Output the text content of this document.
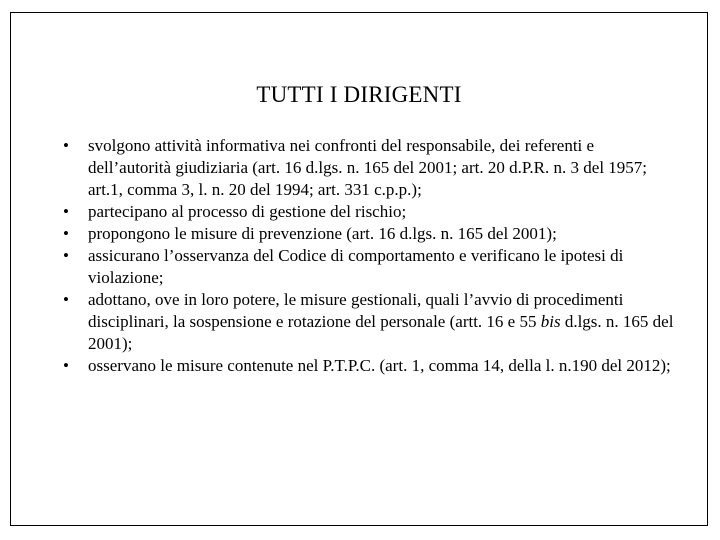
TUTTI I DIRIGENTI
• svolgono attività informativa nei confronti del responsabile, dei referenti e dell’autorità giudiziaria (art. 16 d.lgs. n. 165 del 2001; art. 20 d.P.R. n. 3 del 1957; art.1, comma 3, l. n. 20 del 1994; art. 331 c.p.p.);
• partecipano al processo di gestione del rischio;
• propongono le misure di prevenzione (art. 16 d.lgs. n. 165 del 2001);
• assicurano l’osservanza del Codice di comportamento e verificano le ipotesi di violazione;
• adottano, ove in loro potere, le misure gestionali, quali l’avvio di procedimenti disciplinari, la sospensione e rotazione del personale (artt. 16 e 55 bis d.lgs. n. 165 del 2001);
• osservano le misure contenute nel P.T.P.C. (art. 1, comma 14, della l. n.190 del 2012);
